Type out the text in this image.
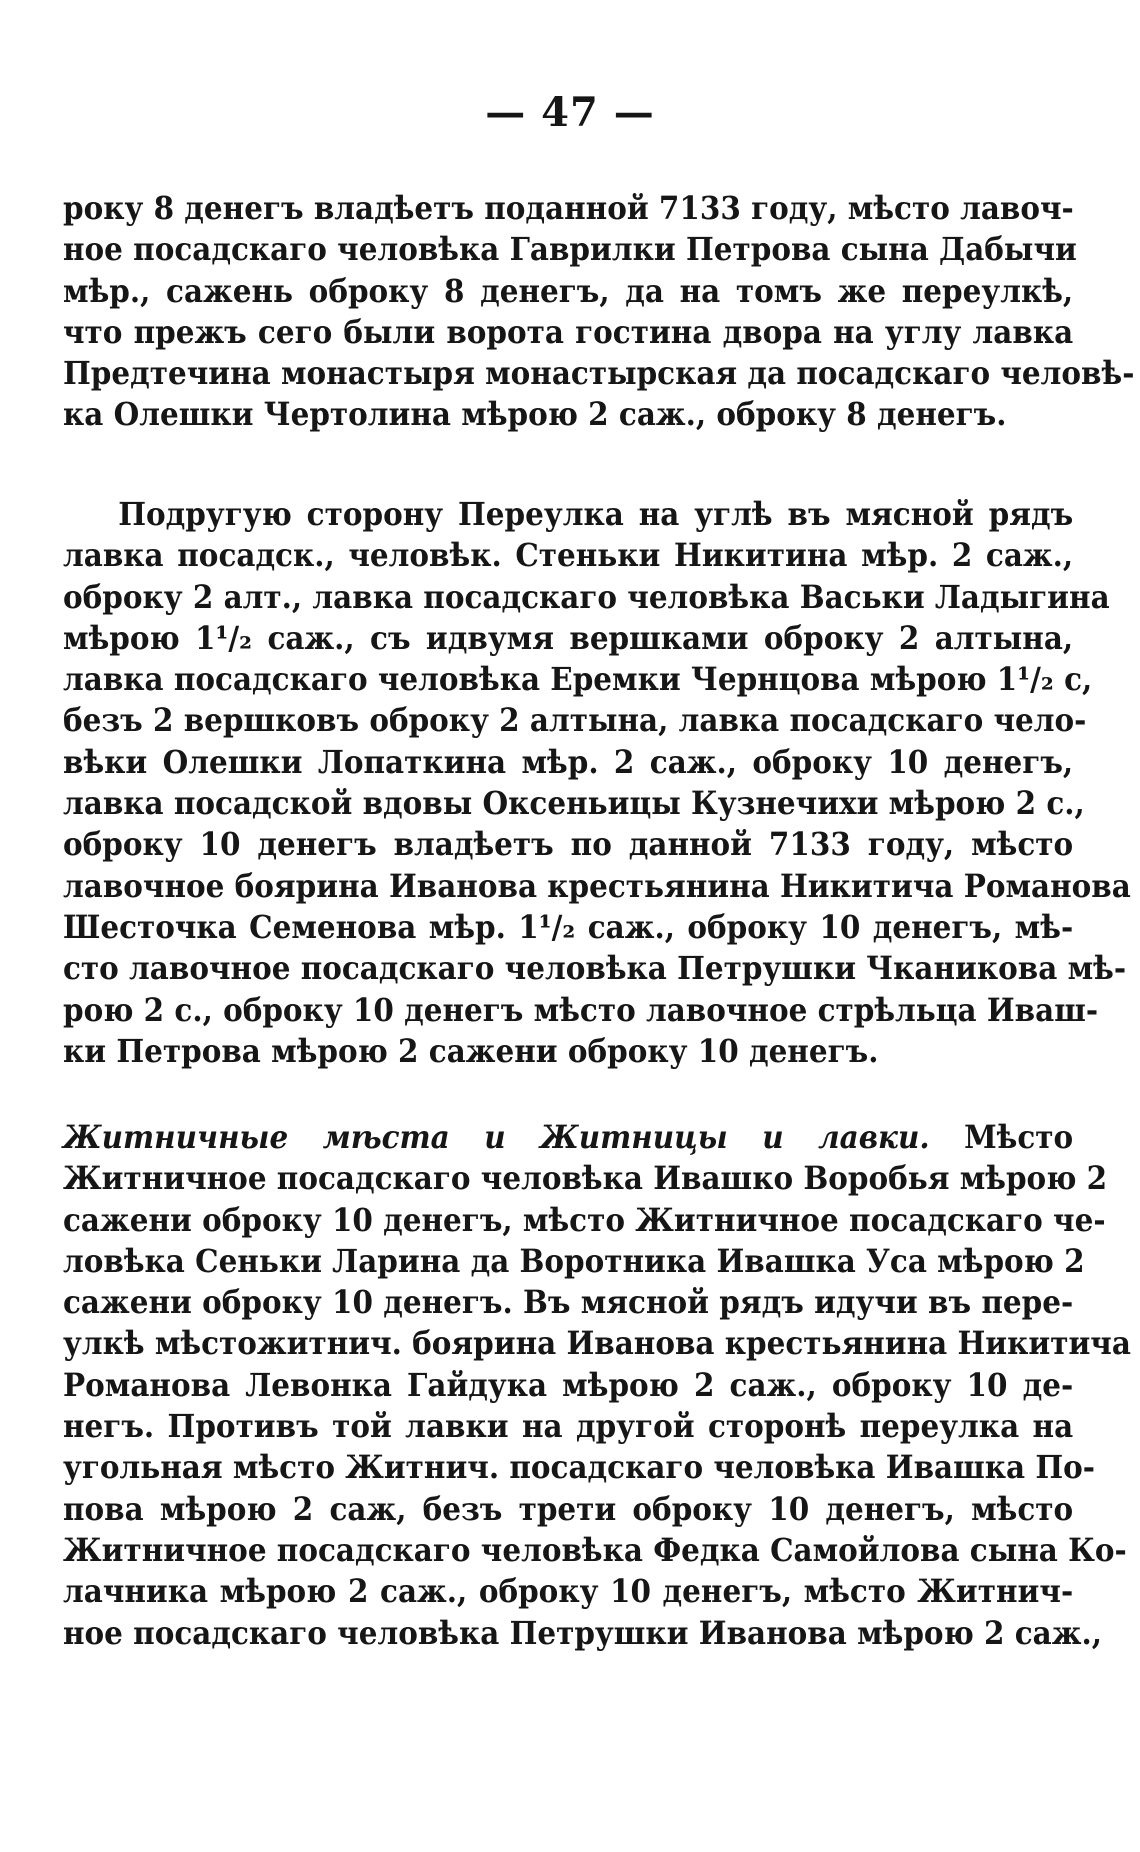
— 47 —
року 8 денегъ владѣетъ поданной 7133 году, мѣсто лавоч-
ное посадскаго человѣка Гаврилки Петрова сына Дабычи
мѣр., сажень оброку 8 денегъ, да на томъ же переулкѣ,
что прежъ сего были ворота гостина двора на углу лавка
Предтечина монастыря монастырская да посадскаго человѣ-
ка Олешки Чертолина мѣрою 2 саж., оброку 8 денегъ.
Подругую сторону Переулка на углѣ въ мясной рядъ
лавка посадск., человѣк. Стеньки Никитина мѣр. 2 саж.,
оброку 2 алт., лавка посадскаго человѣка Васьки Ладыгина
мѣрою 1¹/₂ саж., съ идвумя вершками оброку 2 алтына,
лавка посадскаго человѣка Еремки Чернцова мѣрою 1¹/₂ с,
безъ 2 вершковъ оброку 2 алтына, лавка посадскаго чело-
вѣки Олешки Лопаткина мѣр. 2 саж., оброку 10 денегъ,
лавка посадской вдовы Оксеньицы Кузнечихи мѣрою 2 с.,
оброку 10 денегъ владѣетъ по данной 7133 году, мѣсто
лавочное боярина Иванова крестьянина Никитича Романова
Шесточка Семенова мѣр. 1¹/₂ саж., оброку 10 денегъ, мѣ-
сто лавочное посадскаго человѣка Петрушки Чканикова мѣ-
рою 2 с., оброку 10 денегъ мѣсто лавочное стрѣльца Иваш-
ки Петрова мѣрою 2 сажени оброку 10 денегъ.
Житничные мѣста и Житницы и лавки. Мѣсто
Житничное посадскаго человѣка Ивашко Воробья мѣрою 2
сажени оброку 10 денегъ, мѣсто Житничное посадскаго че-
ловѣка Сеньки Ларина да Воротника Ивашка Уса мѣрою 2
сажени оброку 10 денегъ. Въ мясной рядъ идучи въ пере-
улкѣ мѣстожитнич. боярина Иванова крестьянина Никитича
Романова Левонка Гайдука мѣрою 2 саж., оброку 10 де-
негъ. Противъ той лавки на другой сторонѣ переулка на
угольная мѣсто Житнич. посадскаго человѣка Ивашка По-
пова мѣрою 2 саж, безъ трети оброку 10 денегъ, мѣсто
Житничное посадскаго человѣка Федка Самойлова сына Ко-
лачника мѣрою 2 саж., оброку 10 денегъ, мѣсто Житнич-
ное посадскаго человѣка Петрушки Иванова мѣрою 2 саж.,
